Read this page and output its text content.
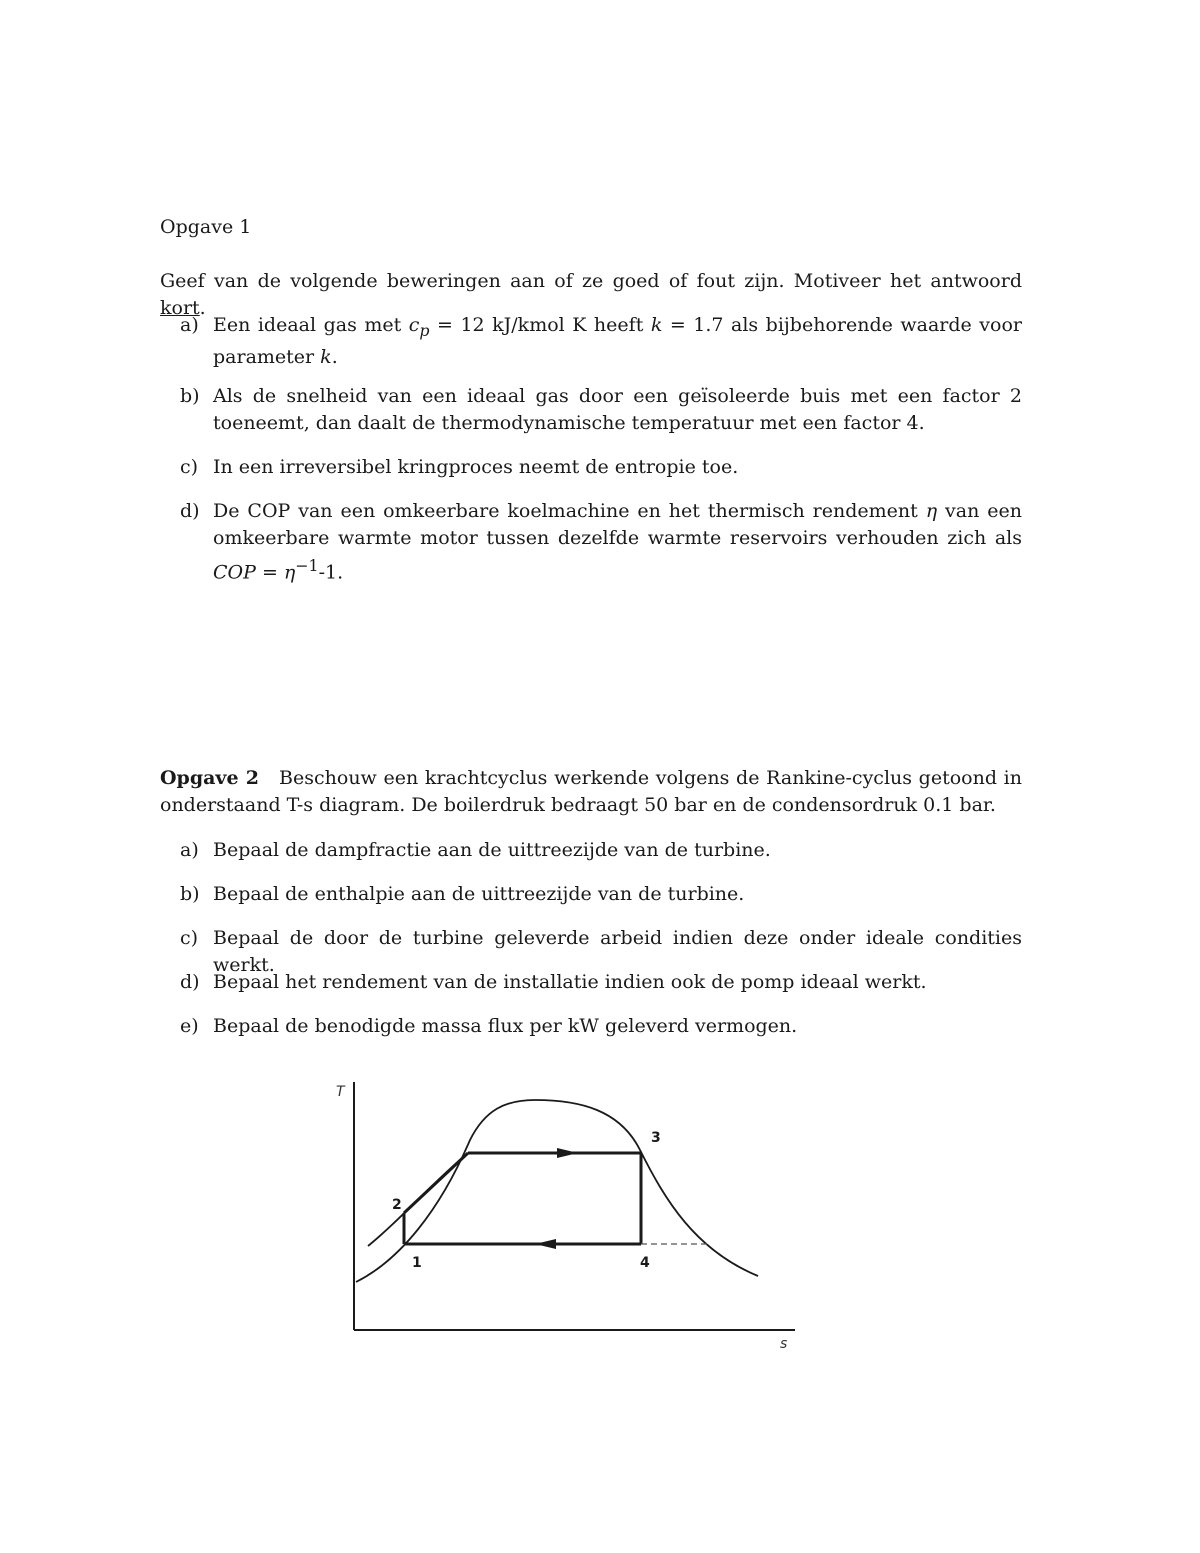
Opgave 1

Geef van de volgende beweringen aan of ze goed of fout zijn. Motiveer het antwoord kort.

a) Een ideaal gas met $c_p = 12$ kJ/kmol K heeft k = 1.7 als bijbehorende waarde voor parameter k.
b) Als de snelheid van een ideaal gas door een geïsoleerde buis met een factor 2 toeneemt, dan daalt de thermodynamische temperatuur met een factor 4.
c) In een irreversibel kringproces neemt de entropie toe.
d) De COP van een omkeerbare koelmachine en het thermisch rendement η van een omkeerbare warmte motor tussen dezelfde warmte reservoirs verhouden zich als COP = $\eta^{-1}-1$.

Opgave 2 Beschouw een krachtcyclus werkende volgens de Rankine-cyclus getoond in onderstaand T-s diagram. De boilerdruk bedraagt 50 bar en de condensordruk 0.1 bar.

a) Bepaal de dampfractie aan de uittreezijde van de turbine.
b) Bepaal de enthalpie aan de uittreezijde van de turbine.
c) Bepaal de door de turbine geleverde arbeid indien deze onder ideale condities werkt.
d) Bepaal het rendement van de installatie indien ook de pomp ideaal werkt.
e) Bepaal de benodigde massa flux per kW geleverd vermogen.
T
s
1
2
3
4
